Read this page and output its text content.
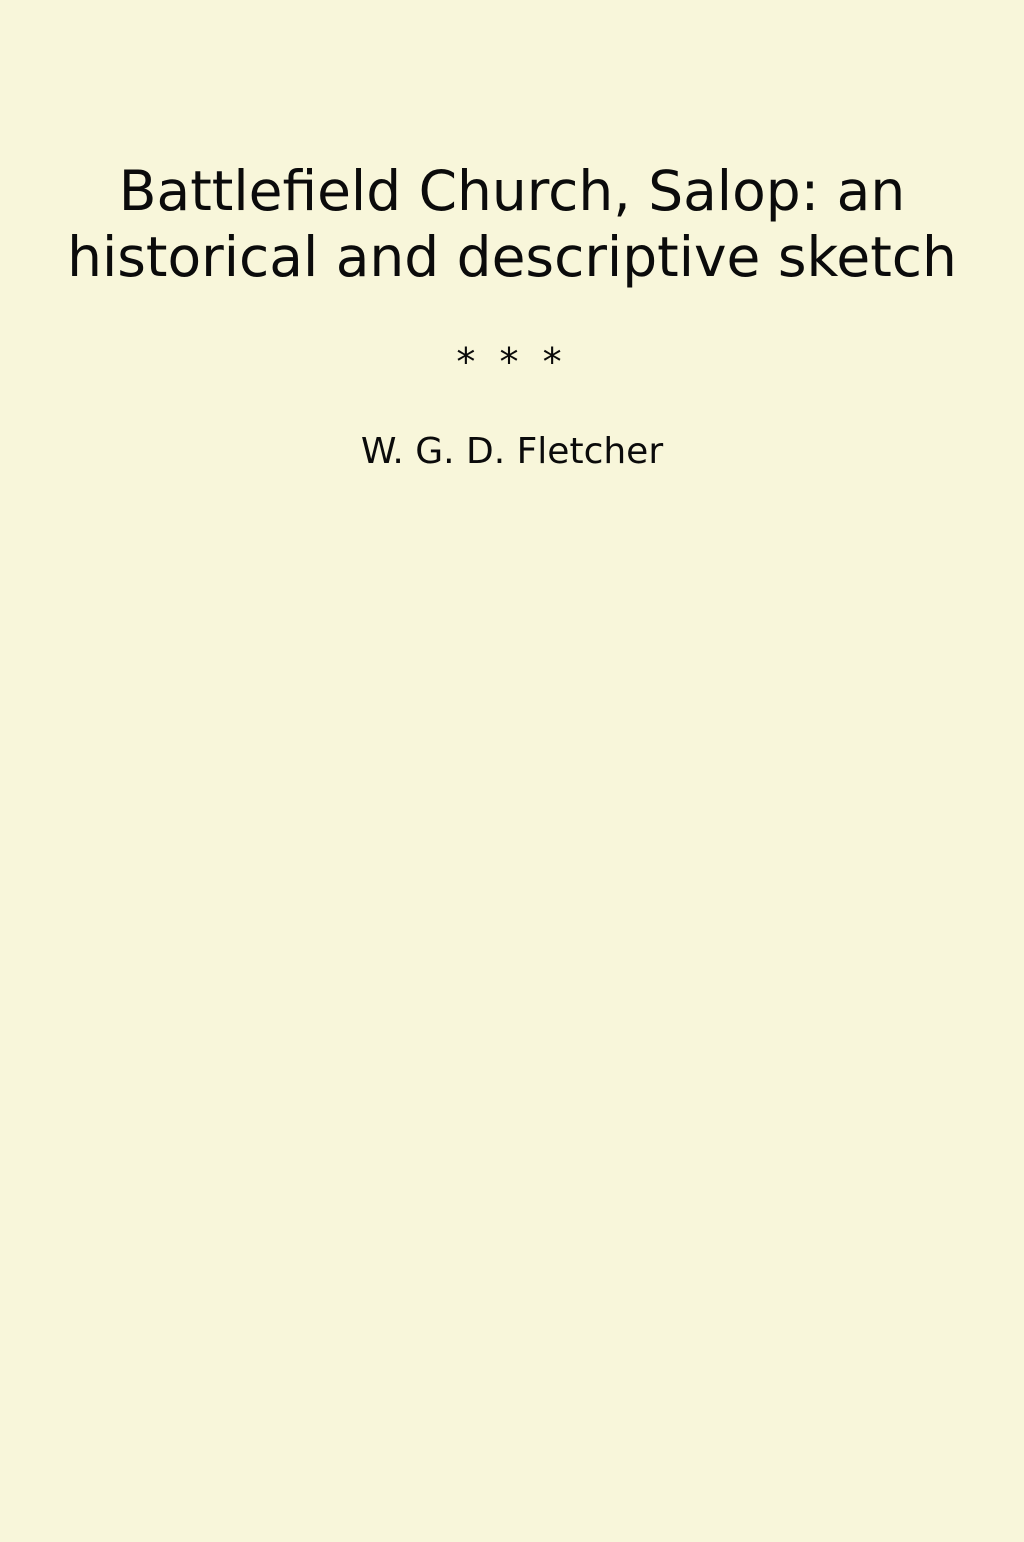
Battlefield Church, Salop: an historical and descriptive sketch
* * *
W. G. D. Fletcher
